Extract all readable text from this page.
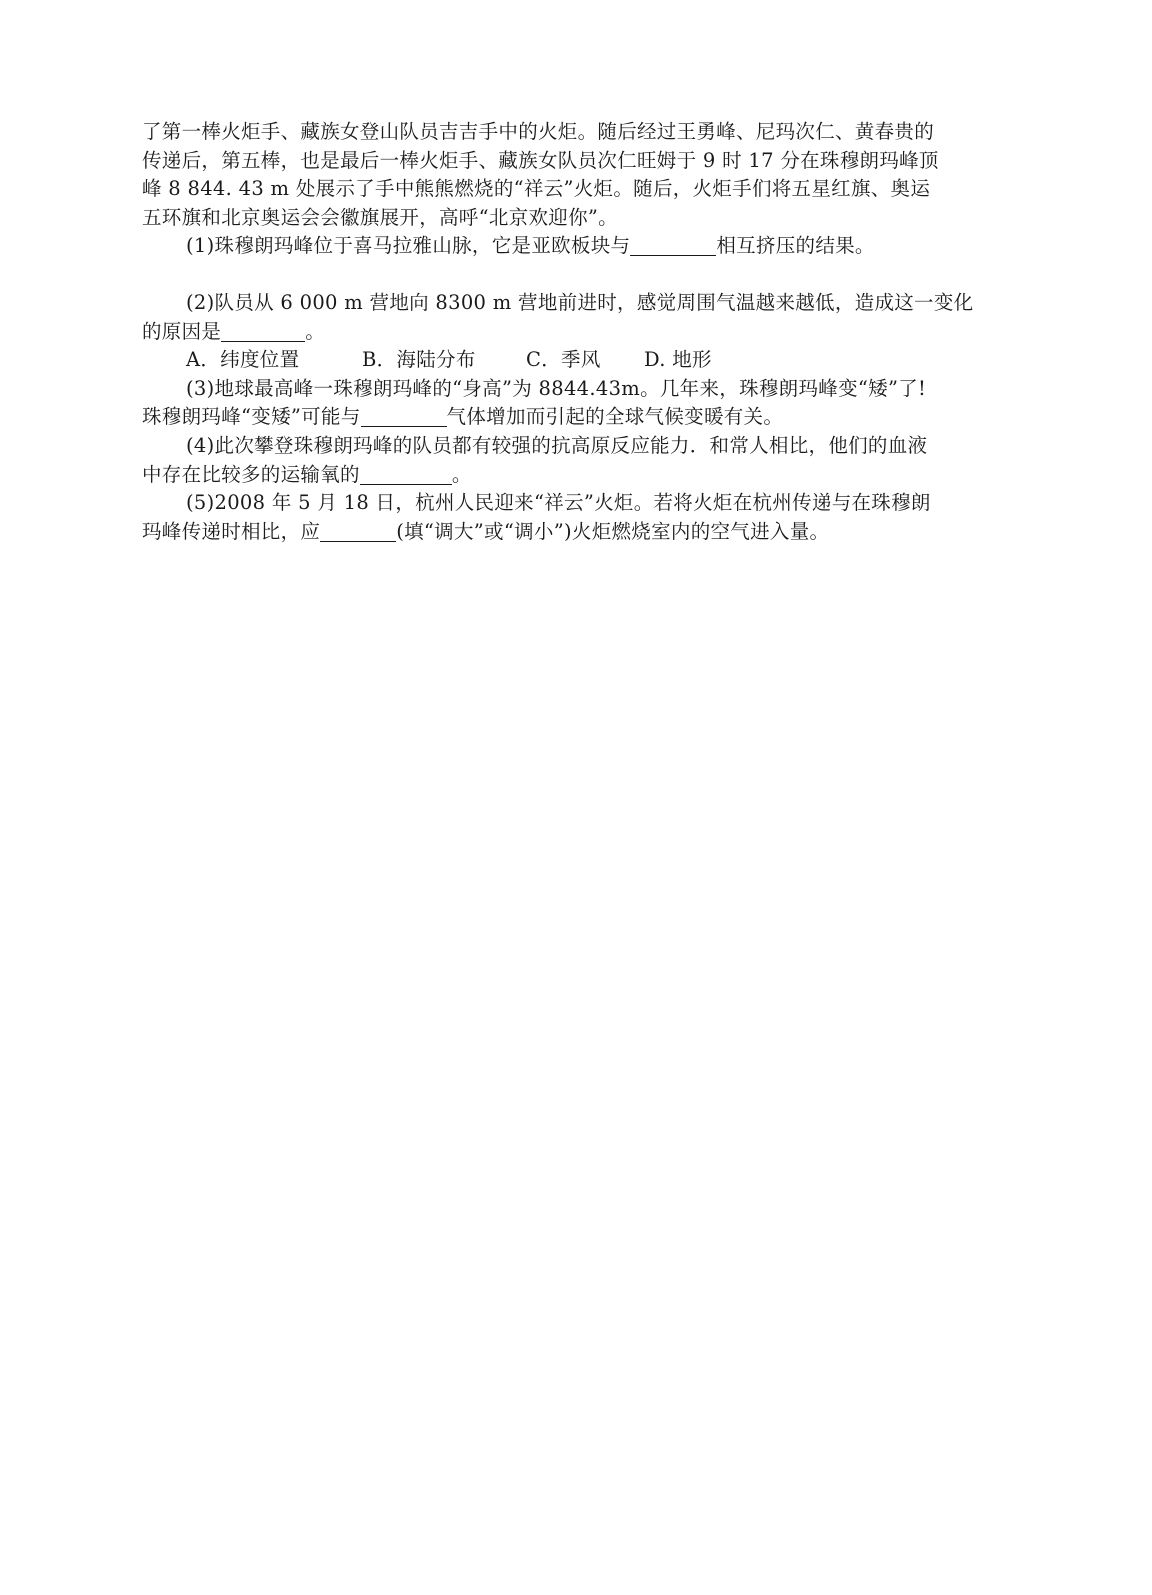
了第一棒火炬手、藏族女登山队员吉吉手中的火炬。随后经过王勇峰、尼玛次仁、黄春贵的
传递后，第五棒，也是最后一棒火炬手、藏族女队员次仁旺姆于 9 时 17 分在珠穆朗玛峰顶
峰 8 844. 43 m 处展示了手中熊熊燃烧的“祥云”火炬。随后，火炬手们将五星红旗、奥运
五环旗和北京奥运会会徽旗展开，高呼“北京欢迎你”。
(1)珠穆朗玛峰位于喜马拉雅山脉，它是亚欧板块与	相互挤压的结果。
(2)队员从 6 000 m 营地向 8300 m 营地前进时，感觉周围气温越来越低，造成这一变化
的原因是	。
A．纬度位置	B．海陆分布	C．季风 D. 地形
(3)地球最高峰一珠穆朗玛峰的“身高”为 8844.43m。几年来，珠穆朗玛峰变“矮”了!
珠穆朗玛峰“变矮”可能与	气体增加而引起的全球气候变暖有关。
(4)此次攀登珠穆朗玛峰的队员都有较强的抗高原反应能力．和常人相比，他们的血液
中存在比较多的运输氧的	。
(5)2008 年 5 月 18 日，杭州人民迎来“祥云”火炬。若将火炬在杭州传递与在珠穆朗
玛峰传递时相比，应	(填“调大”或“调小”)火炬燃烧室内的空气进入量。
